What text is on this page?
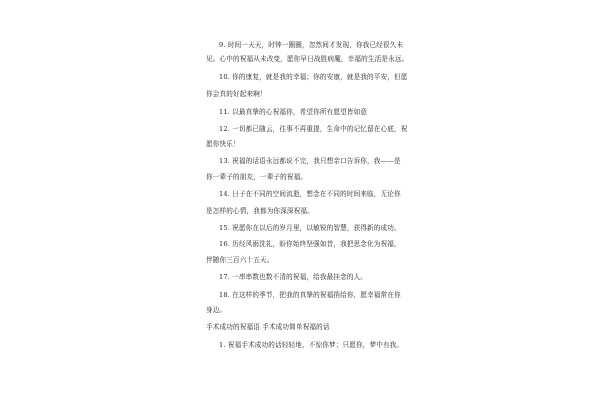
9. 时间一天天，时钟一圈圈，忽然间才发现，你我已经很久未
见。心中的祝福从未改变，愿你早日战胜病魔，幸福的生活是永远。
10. 你的康复，就是我的幸福；你的安康，就是我的平安，但愿
你会真的好起来啊！
11. 以最真挚的心祝福你，希望你所有愿望皆如意
12. 一切都已随云，往事不再重提，生命中的记忆留在心底，祝
愿你快乐！
13. 祝福的话语永远都说不完，我只想亲口告诉你，我——是
你一辈子的朋友，一辈子的祝福。
14. 日子在不同的空间流逝，想念在不同的时间来临，无论你
是怎样的心情，我都为你深深祝福。
15. 祝愿你在以后的岁月里，以敏锐的智慧，获得新的成功。
16. 历经风雨洗礼，盼你始终坚强如昔，我把思念化为祝福，
伴随你三百六十五天。
17. 一串串数也数不清的祝福，给我最挂念的人。
18. 在这样的季节，把我的真挚的祝福捎给你，愿幸福常在你
身边。
手术成功的祝福语 手术成功简单祝福的话
1. 祝福手术成功的话轻轻地，不惊你梦；只愿你，梦中有我。
